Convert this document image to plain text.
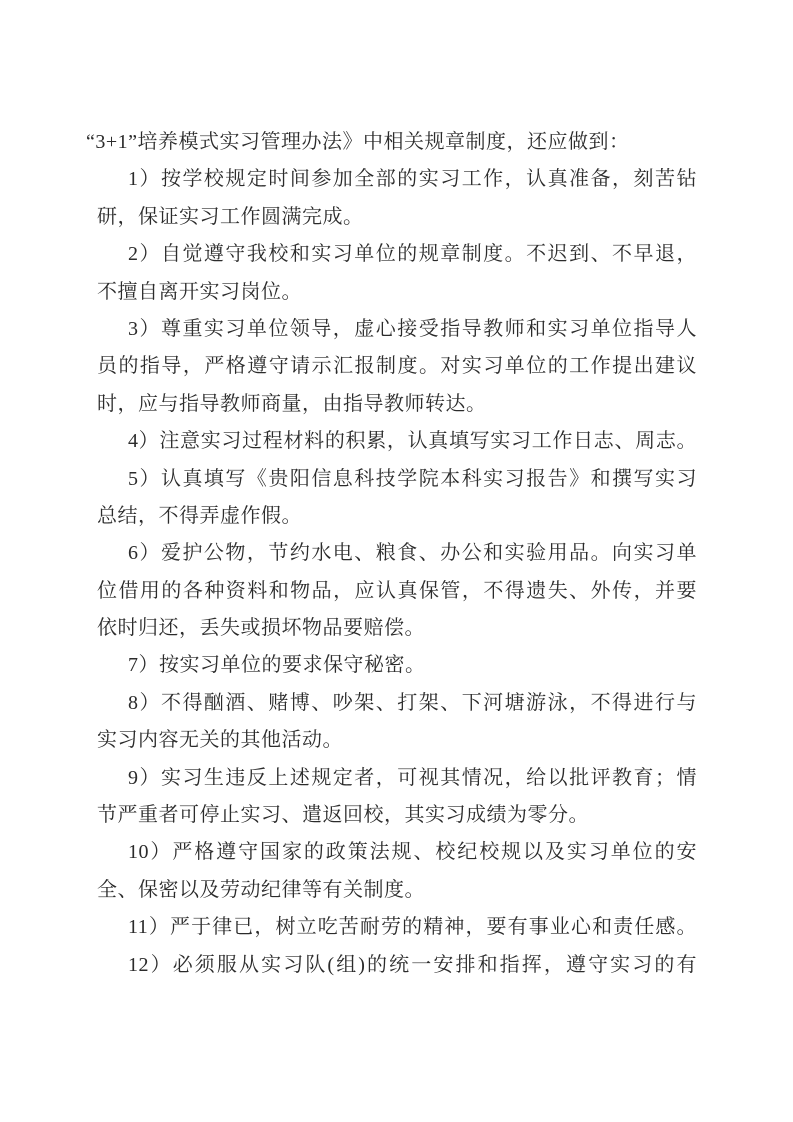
“3+1”培养模式实习管理办法》中相关规章制度，还应做到：
1）按学校规定时间参加全部的实习工作，认真准备，刻苦钻
研，保证实习工作圆满完成。
2）自觉遵守我校和实习单位的规章制度。不迟到、不早退，
不擅自离开实习岗位。
3）尊重实习单位领导，虚心接受指导教师和实习单位指导人
员的指导，严格遵守请示汇报制度。对实习单位的工作提出建议
时，应与指导教师商量，由指导教师转达。
4）注意实习过程材料的积累，认真填写实习工作日志、周志。
5）认真填写《贵阳信息科技学院本科实习报告》和撰写实习
总结，不得弄虚作假。
6）爱护公物，节约水电、粮食、办公和实验用品。向实习单
位借用的各种资料和物品，应认真保管，不得遗失、外传，并要
依时归还，丢失或损坏物品要赔偿。
7）按实习单位的要求保守秘密。
8）不得酗酒、赌博、吵架、打架、下河塘游泳，不得进行与
实习内容无关的其他活动。
9）实习生违反上述规定者，可视其情况，给以批评教育；情
节严重者可停止实习、遣返回校，其实习成绩为零分。
10）严格遵守国家的政策法规、校纪校规以及实习单位的安
全、保密以及劳动纪律等有关制度。
11）严于律已，树立吃苦耐劳的精神，要有事业心和责任感。
12）必须服从实习队(组)的统一安排和指挥，遵守实习的有
